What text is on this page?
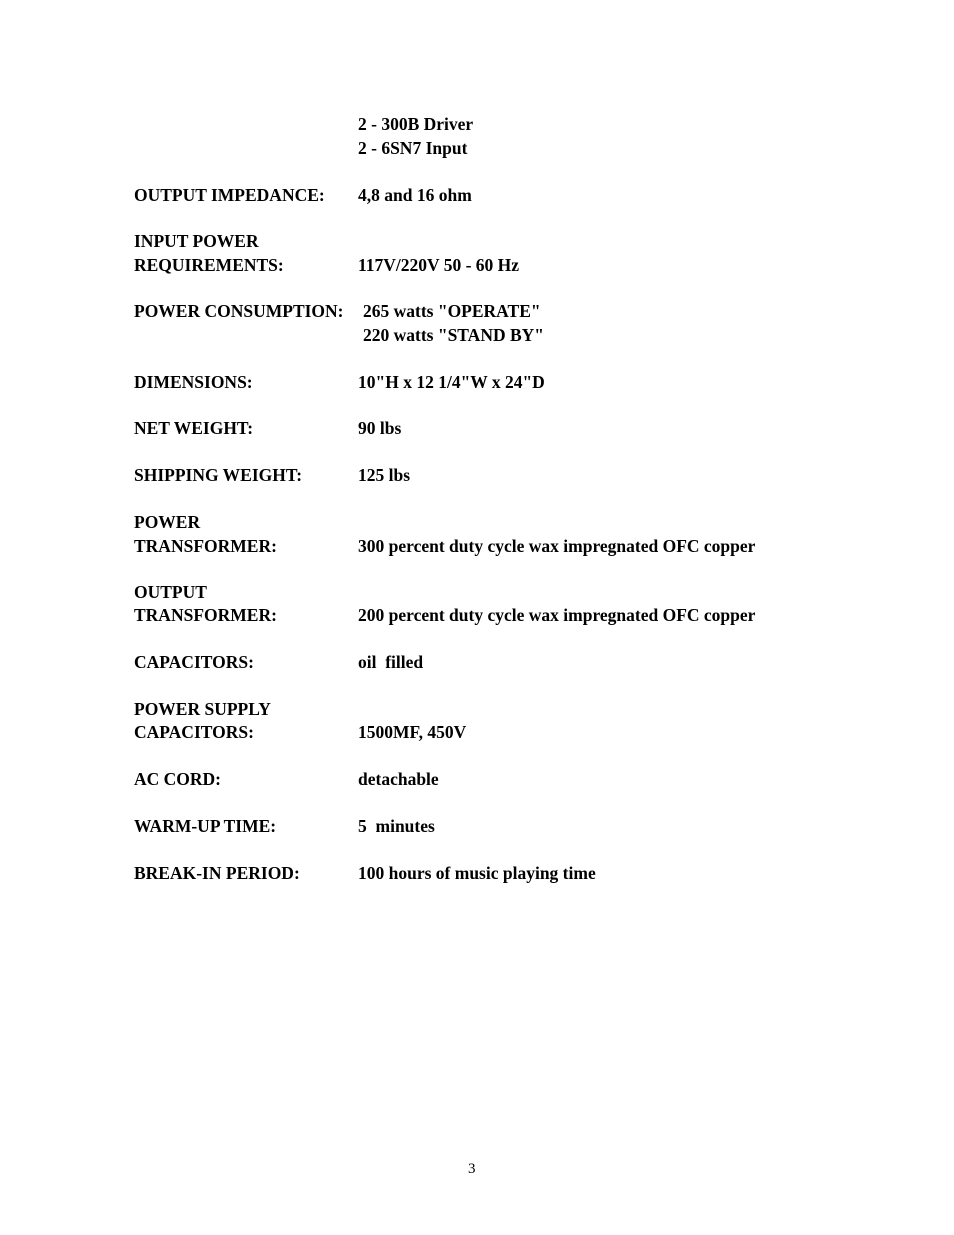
2 - 300B Driver
2 - 6SN7 Input
OUTPUT IMPEDANCE: 4,8 and 16 ohm
INPUT POWER
REQUIREMENTS:	117V/220V 50 - 60 Hz
POWER CONSUMPTION: 265 watts "OPERATE"
220 watts "STAND BY"
DIMENSIONS:	10"H x 12 1/4"W x 24"D
NET WEIGHT:	90 lbs
SHIPPING WEIGHT:	125 lbs
POWER
TRANSFORMER:	300 percent duty cycle wax impregnated OFC copper
OUTPUT
TRANSFORMER:	200 percent duty cycle wax impregnated OFC copper
CAPACITORS:	oil  filled
POWER SUPPLY
CAPACITORS:	1500MF, 450V
AC CORD:	detachable
WARM-UP TIME:	5  minutes
BREAK-IN PERIOD:	100 hours of music playing time
3
